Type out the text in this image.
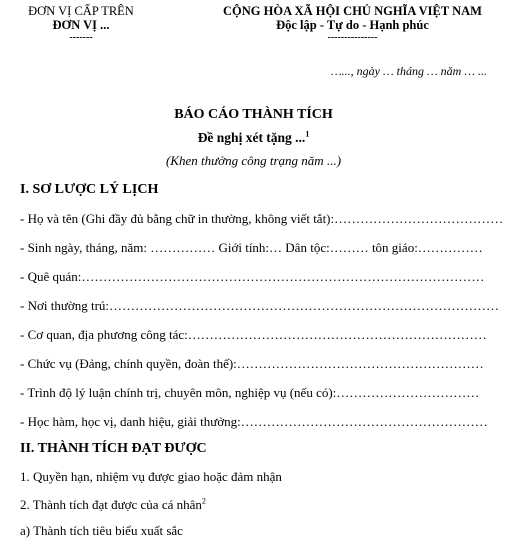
ĐƠN VỊ CẤP TRÊN
ĐƠN VỊ ...
-------
CỘNG HÒA XÃ HỘI CHỦ NGHĨA VIỆT NAM
Độc lập - Tự do - Hạnh phúc
---------------
…..., ngày … tháng … năm … ...
BÁO CÁO THÀNH TÍCH
Đề nghị xét tặng ...$^1$
(Khen thưởng công trạng năm ...)
I. SƠ LƯỢC LÝ LỊCH
- Họ và tên (Ghi đầy đủ bằng chữ in thường, không viết tắt):…………………………………
- Sinh ngày, tháng, năm: …………… Giới tính:… Dân tộc:……… tôn giáo:……………
- Quê quán:…………………………………………………………………………………
- Nơi thường trú:………………………………………………………………………………
- Cơ quan, địa phương công tác:……………………………………………………………
- Chức vụ (Đảng, chính quyền, đoàn thể):…………………………………………………
- Trình độ lý luận chính trị, chuyên môn, nghiệp vụ (nếu có):……………………………
- Học hàm, học vị, danh hiệu, giải thưởng:…………………………………………………
II. THÀNH TÍCH ĐẠT ĐƯỢC
1. Quyền hạn, nhiệm vụ được giao hoặc đảm nhận
2. Thành tích đạt được của cá nhân$^2$
a) Thành tích tiêu biểu xuất sắc
